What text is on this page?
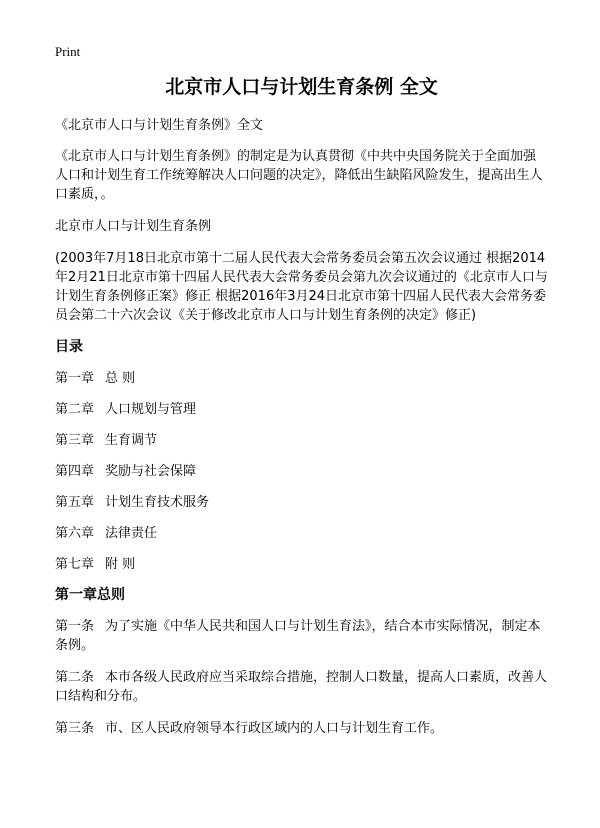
Print
北京市人口与计划生育条例 全文

《北京市人口与计划生育条例》全文

《北京市人口与计划生育条例》的制定是为认真贯彻《中共中央国务院关于全面加强人口和计划生育工作统筹解决人口问题的决定》，降低出生缺陷风险发生，提高出生人口素质，。

北京市人口与计划生育条例

(2003年7月18日北京市第十二届人民代表大会常务委员会第五次会议通过 根据2014年2月21日北京市第十四届人民代表大会常务委员会第九次会议通过的《北京市人口与计划生育条例修正案》修正 根据2016年3月24日北京市第十四届人民代表大会常务委员会第二十六次会议《关于修改北京市人口与计划生育条例的决定》修正)

目录
第一章 总 则
第二章 人口规划与管理
第三章 生育调节
第四章 奖励与社会保障
第五章 计划生育技术服务
第六章 法律责任
第七章 附 则
第一章总则

第一条 为了实施《中华人民共和国人口与计划生育法》，结合本市实际情况，制定本条例。

第二条 本市各级人民政府应当采取综合措施，控制人口数量，提高人口素质，改善人口结构和分布。

第三条 市、区人民政府领导本行政区域内的人口与计划生育工作。
